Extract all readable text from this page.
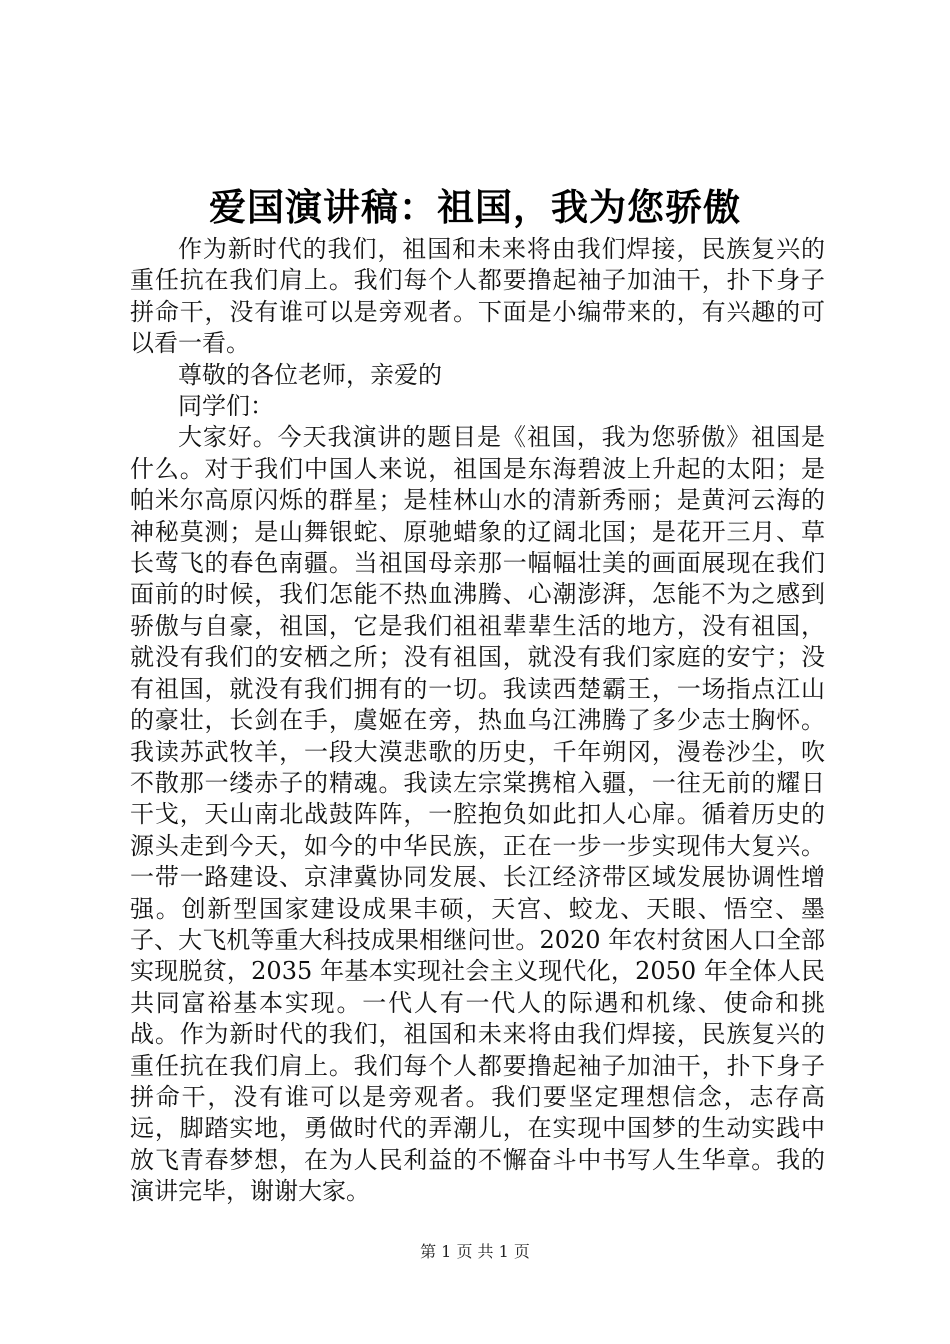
爱国演讲稿：祖国，我为您骄傲

作为新时代的我们，祖国和未来将由我们焊接，民族复兴的重任抗在我们肩上。我们每个人都要撸起袖子加油干，扑下身子拼命干，没有谁可以是旁观者。下面是小编带来的，有兴趣的可以看一看。

尊敬的各位老师，亲爱的

同学们：

大家好。今天我演讲的题目是《祖国，我为您骄傲》祖国是什么。对于我们中国人来说，祖国是东海碧波上升起的太阳；是帕米尔高原闪烁的群星；是桂林山水的清新秀丽；是黄河云海的神秘莫测；是山舞银蛇、原驰蜡象的辽阔北国；是花开三月、草长莺飞的春色南疆。当祖国母亲那一幅幅壮美的画面展现在我们面前的时候，我们怎能不热血沸腾、心潮澎湃，怎能不为之感到骄傲与自豪，祖国，它是我们祖祖辈辈生活的地方，没有祖国，就没有我们的安栖之所；没有祖国，就没有我们家庭的安宁；没有祖国，就没有我们拥有的一切。我读西楚霸王，一场指点江山的豪壮，长剑在手，虞姬在旁，热血乌江沸腾了多少志士胸怀。我读苏武牧羊，一段大漠悲歌的历史，千年朔冈，漫卷沙尘，吹不散那一缕赤子的精魂。我读左宗棠携棺入疆，一往无前的耀日干戈，天山南北战鼓阵阵，一腔抱负如此扣人心扉。循着历史的源头走到今天，如今的中华民族，正在一步一步实现伟大复兴。一带一路建设、京津冀协同发展、长江经济带区域发展协调性增强。创新型国家建设成果丰硕，天宫、蛟龙、天眼、悟空、墨子、大飞机等重大科技成果相继问世。2020 年农村贫困人口全部实现脱贫，2035 年基本实现社会主义现代化，2050 年全体人民共同富裕基本实现。一代人有一代人的际遇和机缘、使命和挑战。作为新时代的我们，祖国和未来将由我们焊接，民族复兴的重任抗在我们肩上。我们每个人都要撸起袖子加油干，扑下身子拼命干，没有谁可以是旁观者。我们要坚定理想信念，志存高远，脚踏实地，勇做时代的弄潮儿，在实现中国梦的生动实践中放飞青春梦想，在为人民利益的不懈奋斗中书写人生华章。我的演讲完毕，谢谢大家。

第 1 页 共 1 页
